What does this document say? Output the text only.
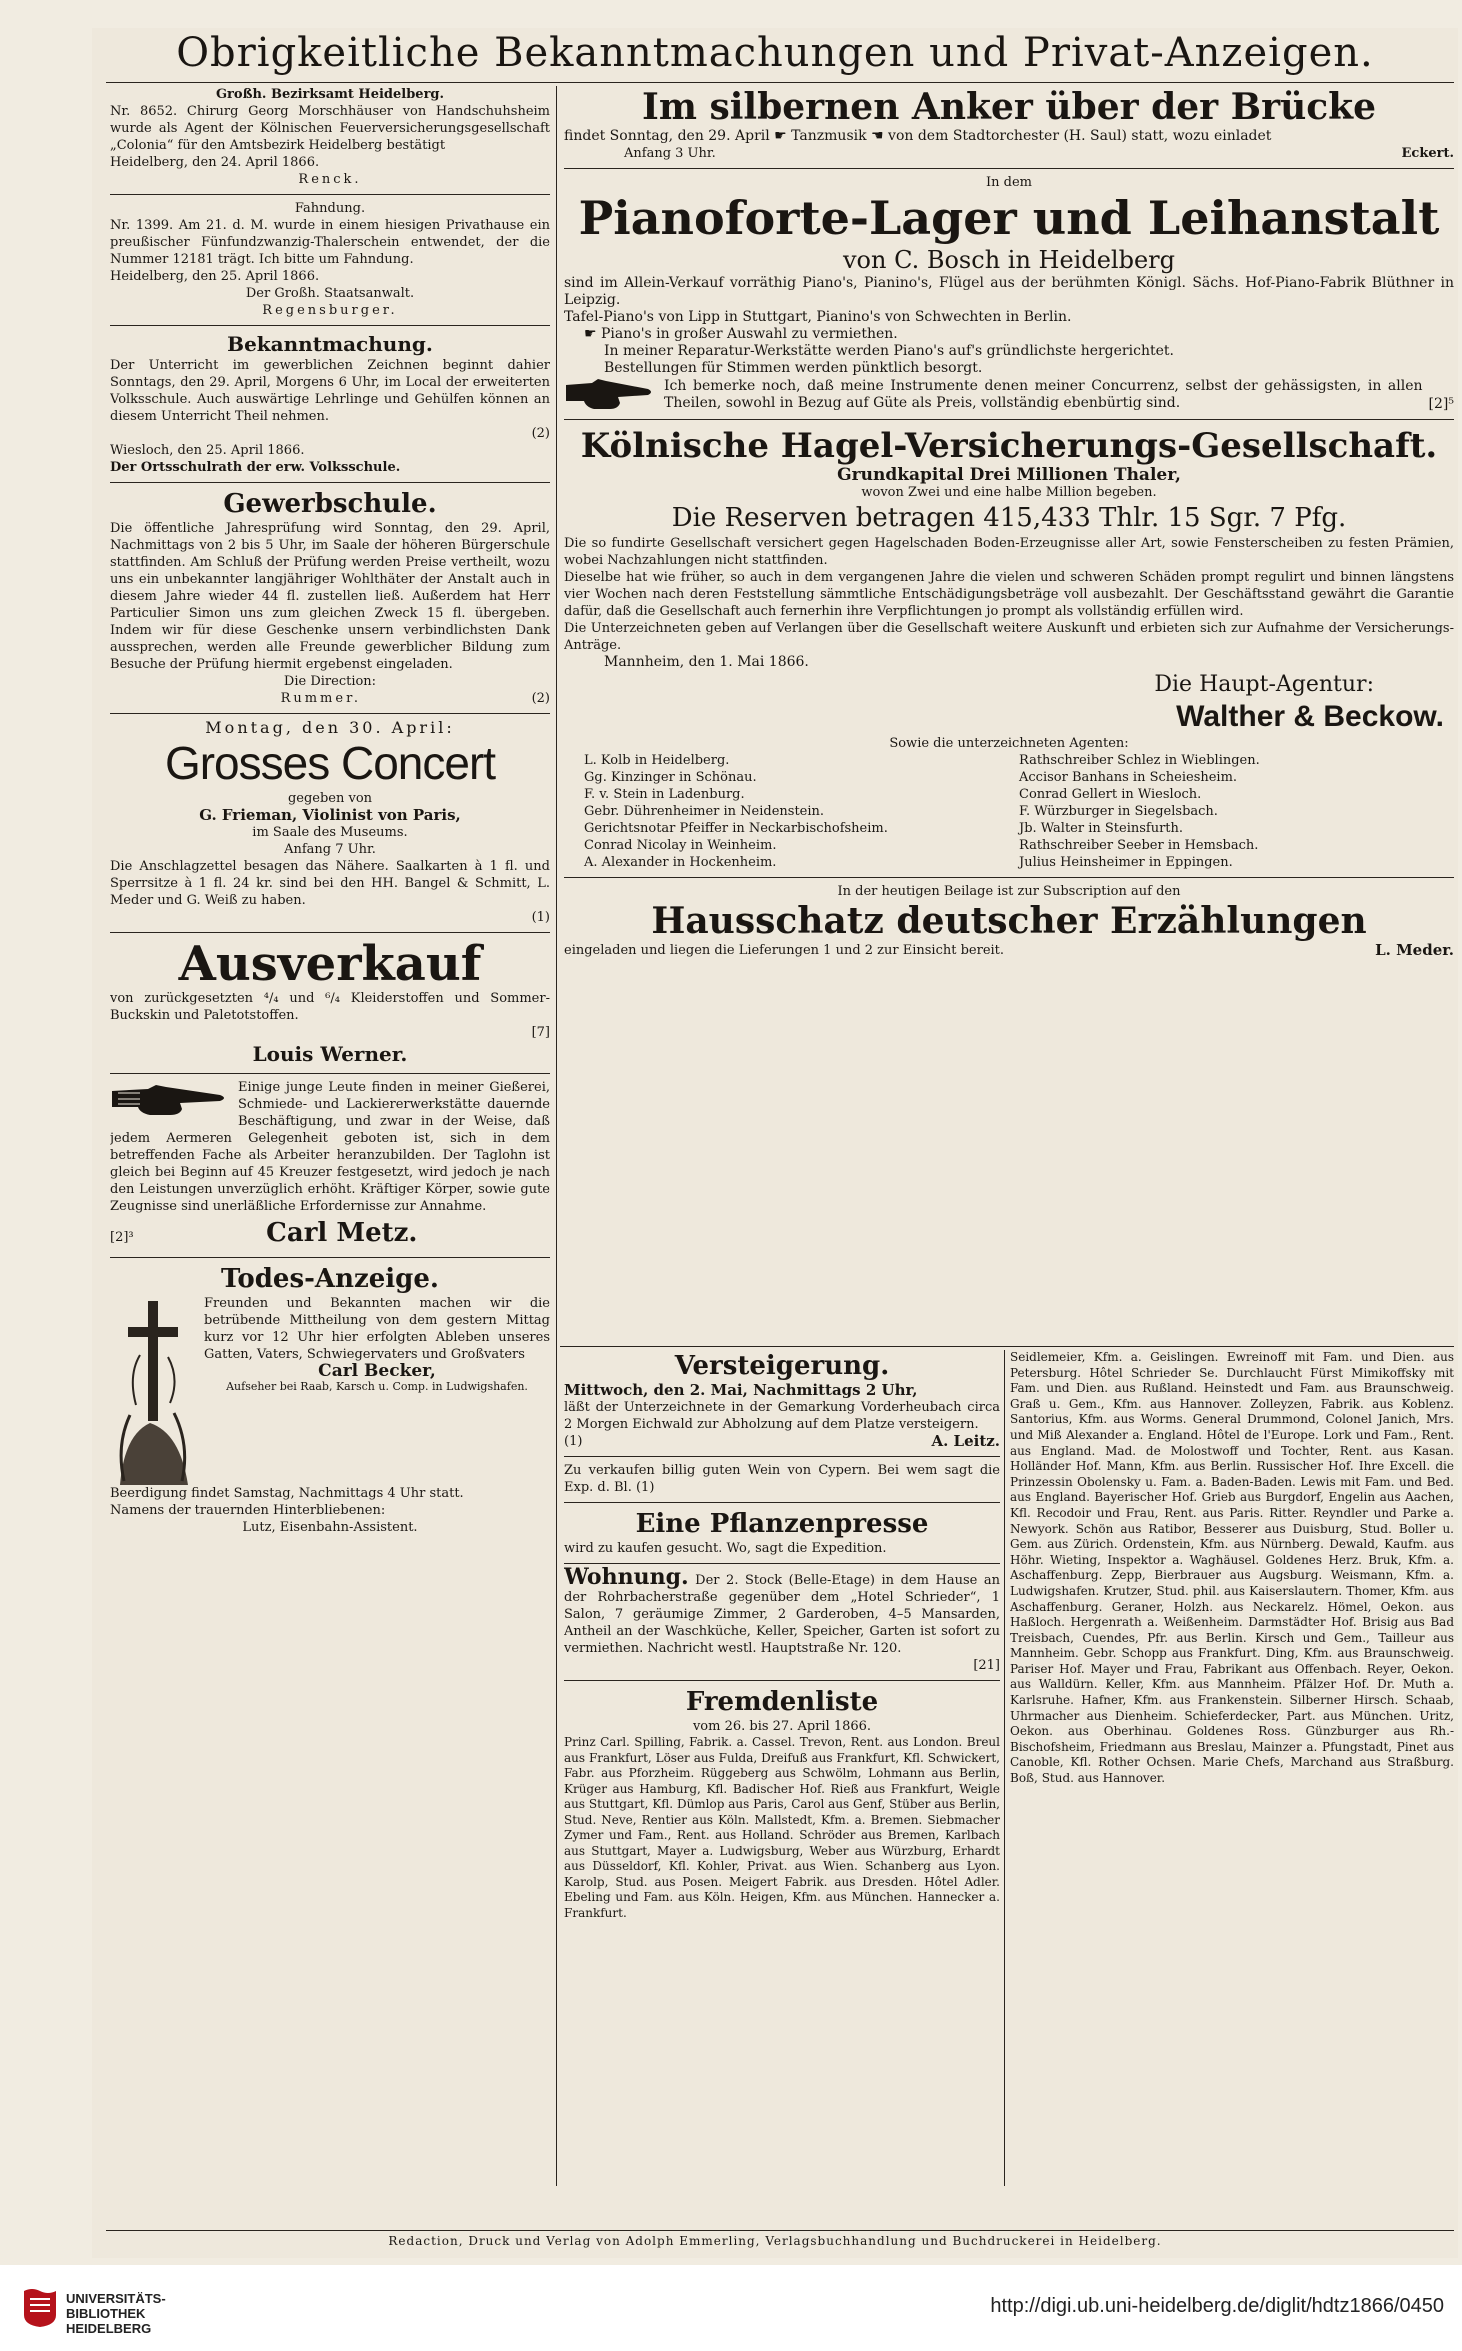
Obrigkeitliche Bekanntmachungen und Privat-Anzeigen.

Großh. Bezirksamt Heidelberg.

Nr. 8652. Chirurg Georg Morschhäuser von Handschuhsheim wurde als Agent der Kölnischen Feuerversicherungsgesellschaft „Colonia“ für den Amtsbezirk Heidelberg bestätigt

Heidelberg, den 24. April 1866.

Renck.

Fahndung.

Nr. 1399. Am 21. d. M. wurde in einem hiesigen Privathause ein preußischer Fünfundzwanzig-Thalerschein entwendet, der die Nummer 12181 trägt. Ich bitte um Fahndung.

Heidelberg, den 25. April 1866.

Der Großh. Staatsanwalt.

Regensburger.

Bekanntmachung.

Der Unterricht im gewerblichen Zeichnen beginnt dahier Sonntags, den 29. April, Morgens 6 Uhr, im Local der erweiterten Volksschule. Auch auswärtige Lehrlinge und Gehülfen können an diesem Unterricht Theil nehmen.

(2)

Wiesloch, den 25. April 1866.

Der Ortsschulrath der erw. Volksschule.

Gewerbschule.

Die öffentliche Jahresprüfung wird Sonntag, den 29. April, Nachmittags von 2 bis 5 Uhr, im Saale der höheren Bürgerschule stattfinden. Am Schluß der Prüfung werden Preise vertheilt, wozu uns ein unbekannter langjähriger Wohlthäter der Anstalt auch in diesem Jahre wieder 44 fl. zustellen ließ. Außerdem hat Herr Particulier Simon uns zum gleichen Zweck 15 fl. übergeben. Indem wir für diese Geschenke unsern verbindlichsten Dank aussprechen, werden alle Freunde gewerblicher Bildung zum Besuche der Prüfung hiermit ergebenst eingeladen.

Die Direction:

Rummer.	(2)

Montag, den 30. April:

Grosses Concert

gegeben von

G. Frieman, Violinist von Paris,

im Saale des Museums.

Anfang 7 Uhr.

Die Anschlagzettel besagen das Nähere. Saalkarten à 1 fl. und Sperrsitze à 1 fl. 24 kr. sind bei den HH. Bangel & Schmitt, L. Meder und G. Weiß zu haben.

(1)

Ausverkauf

von zurückgesetzten ⁴/₄ und ⁶/₄ Kleiderstoffen und Sommer-Buckskin und Paletotstoffen.

[7]

Louis Werner.

Einige junge Leute finden in meiner Gießerei, Schmiede- und Lackiererwerkstätte dauernde Beschäftigung, und zwar in der Weise, daß jedem Aermeren Gelegenheit geboten ist, sich in dem betreffenden Fache als Arbeiter heranzubilden. Der Taglohn ist gleich bei Beginn auf 45 Kreuzer festgesetzt, wird jedoch je nach den Leistungen unverzüglich erhöht. Kräftiger Körper, sowie gute Zeugnisse sind unerläßliche Erfordernisse zur Annahme.

[2]³	Carl Metz.

Todes-Anzeige.

Freunden und Bekannten machen wir die betrübende Mittheilung von dem gestern Mittag kurz vor 12 Uhr hier erfolgten Ableben unseres Gatten, Vaters, Schwiegervaters und Großvaters

Carl Becker,

Aufseher bei Raab, Karsch u. Comp. in Ludwigshafen.

Beerdigung findet Samstag, Nachmittags 4 Uhr statt.

Namens der trauernden Hinterbliebenen:

Lutz, Eisenbahn-Assistent.

Im silbernen Anker über der Brücke

findet Sonntag, den 29. April ☛ Tanzmusik ☚ von dem Stadtorchester (H. Saul) statt, wozu einladet

Anfang 3 Uhr.	Eckert.

In dem

Pianoforte-Lager und Leihanstalt

von C. Bosch in Heidelberg

sind im Allein-Verkauf vorräthig Piano's, Pianino's, Flügel aus der berühmten Königl. Sächs. Hof-Piano-Fabrik Blüthner in Leipzig.

Tafel-Piano's von Lipp in Stuttgart, Pianino's von Schwechten in Berlin.

☛ Piano's in großer Auswahl zu vermiethen.

In meiner Reparatur-Werkstätte werden Piano's auf's gründlichste hergerichtet.

Bestellungen für Stimmen werden pünktlich besorgt.

Ich bemerke noch, daß meine Instrumente denen meiner Concurrenz, selbst der gehässigsten, in allen Theilen, sowohl in Bezug auf Güte als Preis, vollständig ebenbürtig sind.	[2]⁵

Kölnische Hagel-Versicherungs-Gesellschaft.

Grundkapital Drei Millionen Thaler,

wovon Zwei und eine halbe Million begeben.

Die Reserven betragen 415,433 Thlr. 15 Sgr. 7 Pfg.

Die so fundirte Gesellschaft versichert gegen Hagelschaden Boden-Erzeugnisse aller Art, sowie Fensterscheiben zu festen Prämien, wobei Nachzahlungen nicht stattfinden.

Dieselbe hat wie früher, so auch in dem vergangenen Jahre die vielen und schweren Schäden prompt regulirt und binnen längstens vier Wochen nach deren Feststellung sämmtliche Entschädigungsbeträge voll ausbezahlt. Der Geschäftsstand gewährt die Garantie dafür, daß die Gesellschaft auch fernerhin ihre Verpflichtungen jo prompt als vollständig erfüllen wird.

Die Unterzeichneten geben auf Verlangen über die Gesellschaft weitere Auskunft und erbieten sich zur Aufnahme der Versicherungs-Anträge.

Mannheim, den 1. Mai 1866.

Die Haupt-Agentur:

Walther & Beckow.

Sowie die unterzeichneten Agenten:

L. Kolb in Heidelberg.	Rathschreiber Schlez in Wieblingen.
Gg. Kinzinger in Schönau.	Accisor Banhans in Scheiesheim.
F. v. Stein in Ladenburg.	Conrad Gellert in Wiesloch.
Gebr. Dührenheimer in Neidenstein.	F. Würzburger in Siegelsbach.
Gerichtsnotar Pfeiffer in Neckarbischofsheim.	Jb. Walter in Steinsfurth.
Conrad Nicolay in Weinheim.	Rathschreiber Seeber in Hemsbach.
A. Alexander in Hockenheim.	Julius Heinsheimer in Eppingen.

In der heutigen Beilage ist zur Subscription auf den

Hausschatz deutscher Erzählungen

eingeladen und liegen die Lieferungen 1 und 2 zur Einsicht bereit.	L. Meder.

Versteigerung.

Mittwoch, den 2. Mai, Nachmittags 2 Uhr,

läßt der Unterzeichnete in der Gemarkung Vorderheubach circa 2 Morgen Eichwald zur Abholzung auf dem Platze versteigern.

(1)	A. Leitz.

Zu verkaufen billig guten Wein von Cypern. Bei wem sagt die Exp. d. Bl. (1)

Eine Pflanzenpresse

wird zu kaufen gesucht. Wo, sagt die Expedition.

Wohnung. Der 2. Stock (Belle-Etage) in dem Hause an der Rohrbacherstraße gegenüber dem „Hotel Schrieder“, 1 Salon, 7 geräumige Zimmer, 2 Garderoben, 4–5 Mansarden, Antheil an der Waschküche, Keller, Speicher, Garten ist sofort zu vermiethen. Nachricht westl. Hauptstraße Nr. 120.

[21]

Fremdenliste

vom 26. bis 27. April 1866.

Prinz Carl. Spilling, Fabrik. a. Cassel. Trevon, Rent. aus London. Breul aus Frankfurt, Löser aus Fulda, Dreifuß aus Frankfurt, Kfl. Schwickert, Fabr. aus Pforzheim. Rüggeberg aus Schwölm, Lohmann aus Berlin, Krüger aus Hamburg, Kfl. Badischer Hof. Rieß aus Frankfurt, Weigle aus Stuttgart, Kfl. Dümlop aus Paris, Carol aus Genf, Stüber aus Berlin, Stud. Neve, Rentier aus Köln. Mallstedt, Kfm. a. Bremen. Siebmacher Zymer und Fam., Rent. aus Holland. Schröder aus Bremen, Karlbach aus Stuttgart, Mayer a. Ludwigsburg, Weber aus Würzburg, Erhardt aus Düsseldorf, Kfl. Kohler, Privat. aus Wien. Schanberg aus Lyon. Karolp, Stud. aus Posen. Meigert Fabrik. aus Dresden. Hôtel Adler. Ebeling und Fam. aus Köln. Heigen, Kfm. aus München. Hannecker a. Frankfurt.

Seidlemeier, Kfm. a. Geislingen. Ewreinoff mit Fam. und Dien. aus Petersburg. Hôtel Schrieder Se. Durchlaucht Fürst Mimikoffsky mit Fam. und Dien. aus Rußland. Heinstedt und Fam. aus Braunschweig. Graß u. Gem., Kfm. aus Hannover. Zolleyzen, Fabrik. aus Koblenz. Santorius, Kfm. aus Worms. General Drummond, Colonel Janich, Mrs. und Miß Alexander a. England. Hôtel de l'Europe. Lork und Fam., Rent. aus England. Mad. de Molostwoff und Tochter, Rent. aus Kasan. Holländer Hof. Mann, Kfm. aus Berlin. Russischer Hof. Ihre Excell. die Prinzessin Obolensky u. Fam. a. Baden-Baden. Lewis mit Fam. und Bed. aus England. Bayerischer Hof. Grieb aus Burgdorf, Engelin aus Aachen, Kfl. Recodoir und Frau, Rent. aus Paris. Ritter. Reyndler und Parke a. Newyork. Schön aus Ratibor, Besserer aus Duisburg, Stud. Boller u. Gem. aus Zürich. Ordenstein, Kfm. aus Nürnberg. Dewald, Kaufm. aus Höhr. Wieting, Inspektor a. Waghäusel. Goldenes Herz. Bruk, Kfm. a. Aschaffenburg. Zepp, Bierbrauer aus Augsburg. Weismann, Kfm. a. Ludwigshafen. Krutzer, Stud. phil. aus Kaiserslautern. Thomer, Kfm. aus Aschaffenburg. Geraner, Holzh. aus Neckarelz. Hömel, Oekon. aus Haßloch. Hergenrath a. Weißenheim. Darmstädter Hof. Brisig aus Bad Treisbach, Cuendes, Pfr. aus Berlin. Kirsch und Gem., Tailleur aus Mannheim. Gebr. Schopp aus Frankfurt. Ding, Kfm. aus Braunschweig. Pariser Hof. Mayer und Frau, Fabrikant aus Offenbach. Reyer, Oekon. aus Walldürn. Keller, Kfm. aus Mannheim. Pfälzer Hof. Dr. Muth a. Karlsruhe. Hafner, Kfm. aus Frankenstein. Silberner Hirsch. Schaab, Uhrmacher aus Dienheim. Schieferdecker, Part. aus München. Uritz, Oekon. aus Oberhinau. Goldenes Ross. Günzburger aus Rh.-Bischofsheim, Friedmann aus Breslau, Mainzer a. Pfungstadt, Pinet aus Canoble, Kfl. Rother Ochsen. Marie Chefs, Marchand aus Straßburg. Boß, Stud. aus Hannover.

Redaction, Druck und Verlag von Adolph Emmerling, Verlagsbuchhandlung und Buchdruckerei in Heidelberg.
UNIVERSITÄTS-
BIBLIOTHEK
HEIDELBERG
http://digi.ub.uni-heidelberg.de/diglit/hdtz1866/0450
